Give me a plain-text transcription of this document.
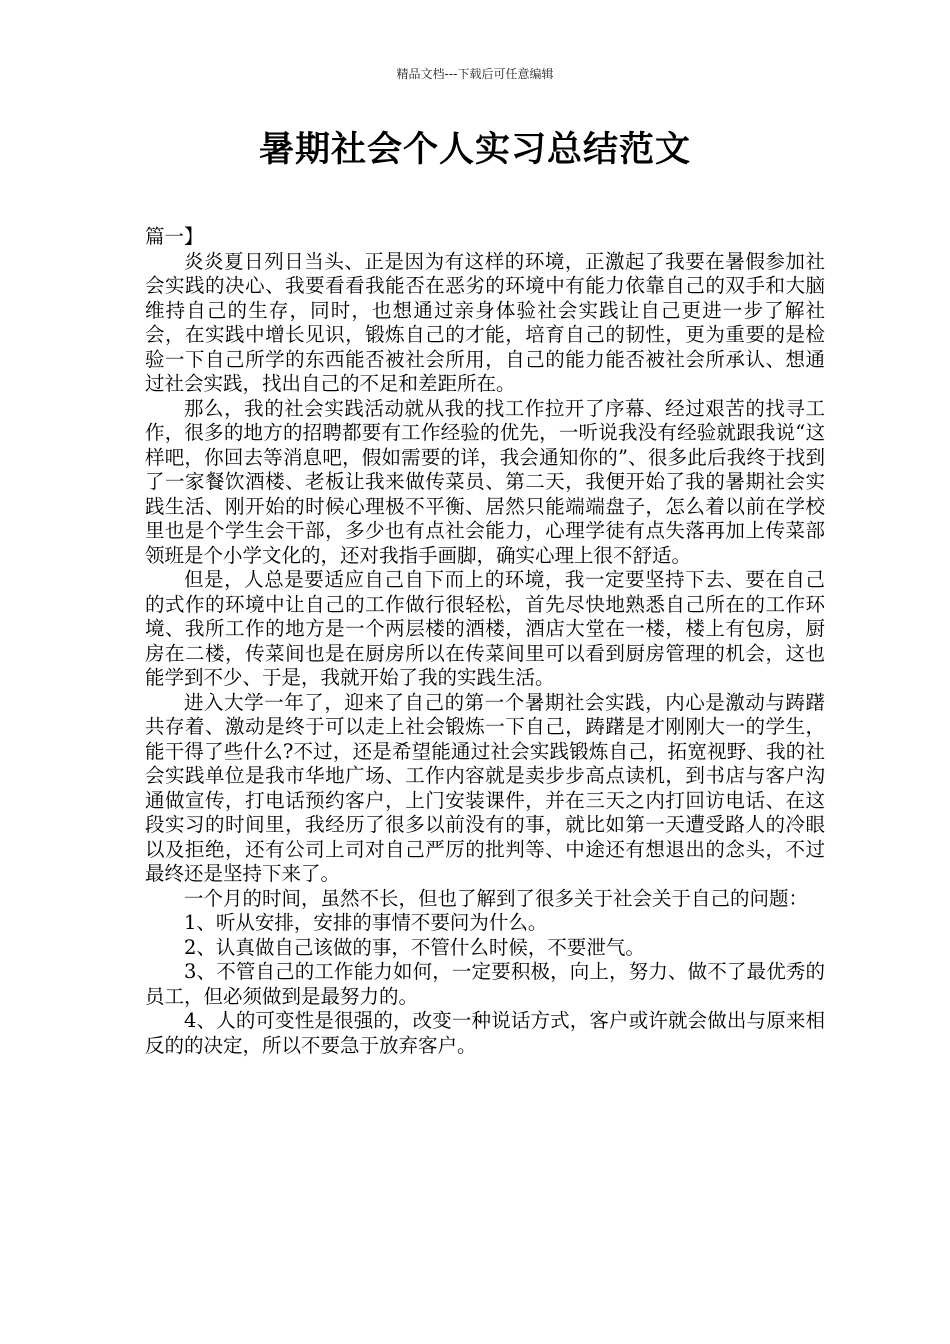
精品文档---下载后可任意编辑
暑期社会个人实习总结范文

篇一】

炎炎夏日列日当头、正是因为有这样的环境，正激起了我要在暑假参加社会实践的决心、我要看看我能否在恶劣的环境中有能力依靠自己的双手和大脑维持自己的生存，同时，也想通过亲身体验社会实践让自己更进一步了解社会，在实践中增长见识，锻炼自己的才能，培育自己的韧性，更为重要的是检验一下自己所学的东西能否被社会所用，自己的能力能否被社会所承认、想通过社会实践，找出自己的不足和差距所在。

那么，我的社会实践活动就从我的找工作拉开了序幕、经过艰苦的找寻工作，很多的地方的招聘都要有工作经验的优先，一听说我没有经验就跟我说“这样吧，你回去等消息吧，假如需要的详，我会通知你的”、很多此后我终于找到了一家餐饮酒楼、老板让我来做传菜员、第二天，我便开始了我的暑期社会实践生活、刚开始的时候心理极不平衡、居然只能端端盘子，怎么着以前在学校里也是个学生会干部，多少也有点社会能力，心理学徒有点失落再加上传菜部领班是个小学文化的，还对我指手画脚，确实心理上很不舒适。

但是，人总是要适应自己自下而上的环境，我一定要坚持下去、要在自己的式作的环境中让自己的工作做行很轻松，首先尽快地熟悉自己所在的工作环境、我所工作的地方是一个两层楼的酒楼，酒店大堂在一楼，楼上有包房，厨房在二楼，传菜间也是在厨房所以在传菜间里可以看到厨房管理的机会，这也能学到不少、于是，我就开始了我的实践生活。

进入大学一年了，迎来了自己的第一个暑期社会实践，内心是激动与踌躇共存着、激动是终于可以走上社会锻炼一下自己，踌躇是才刚刚大一的学生，能干得了些什么?不过，还是希望能通过社会实践锻炼自己，拓宽视野、我的社会实践单位是我市华地广场、工作内容就是卖步步高点读机，到书店与客户沟通做宣传，打电话预约客户，上门安装课件，并在三天之内打回访电话、在这段实习的时间里，我经历了很多以前没有的事，就比如第一天遭受路人的冷眼以及拒绝，还有公司上司对自己严厉的批判等、中途还有想退出的念头，不过最终还是坚持下来了。

一个月的时间，虽然不长，但也了解到了很多关于社会关于自己的问题：

1、听从安排，安排的事情不要问为什么。

2、认真做自己该做的事，不管什么时候，不要泄气。

3、不管自己的工作能力如何，一定要积极，向上，努力、做不了最优秀的员工，但必须做到是最努力的。

4、人的可变性是很强的，改变一种说话方式，客户或许就会做出与原来相反的的决定，所以不要急于放弃客户。
